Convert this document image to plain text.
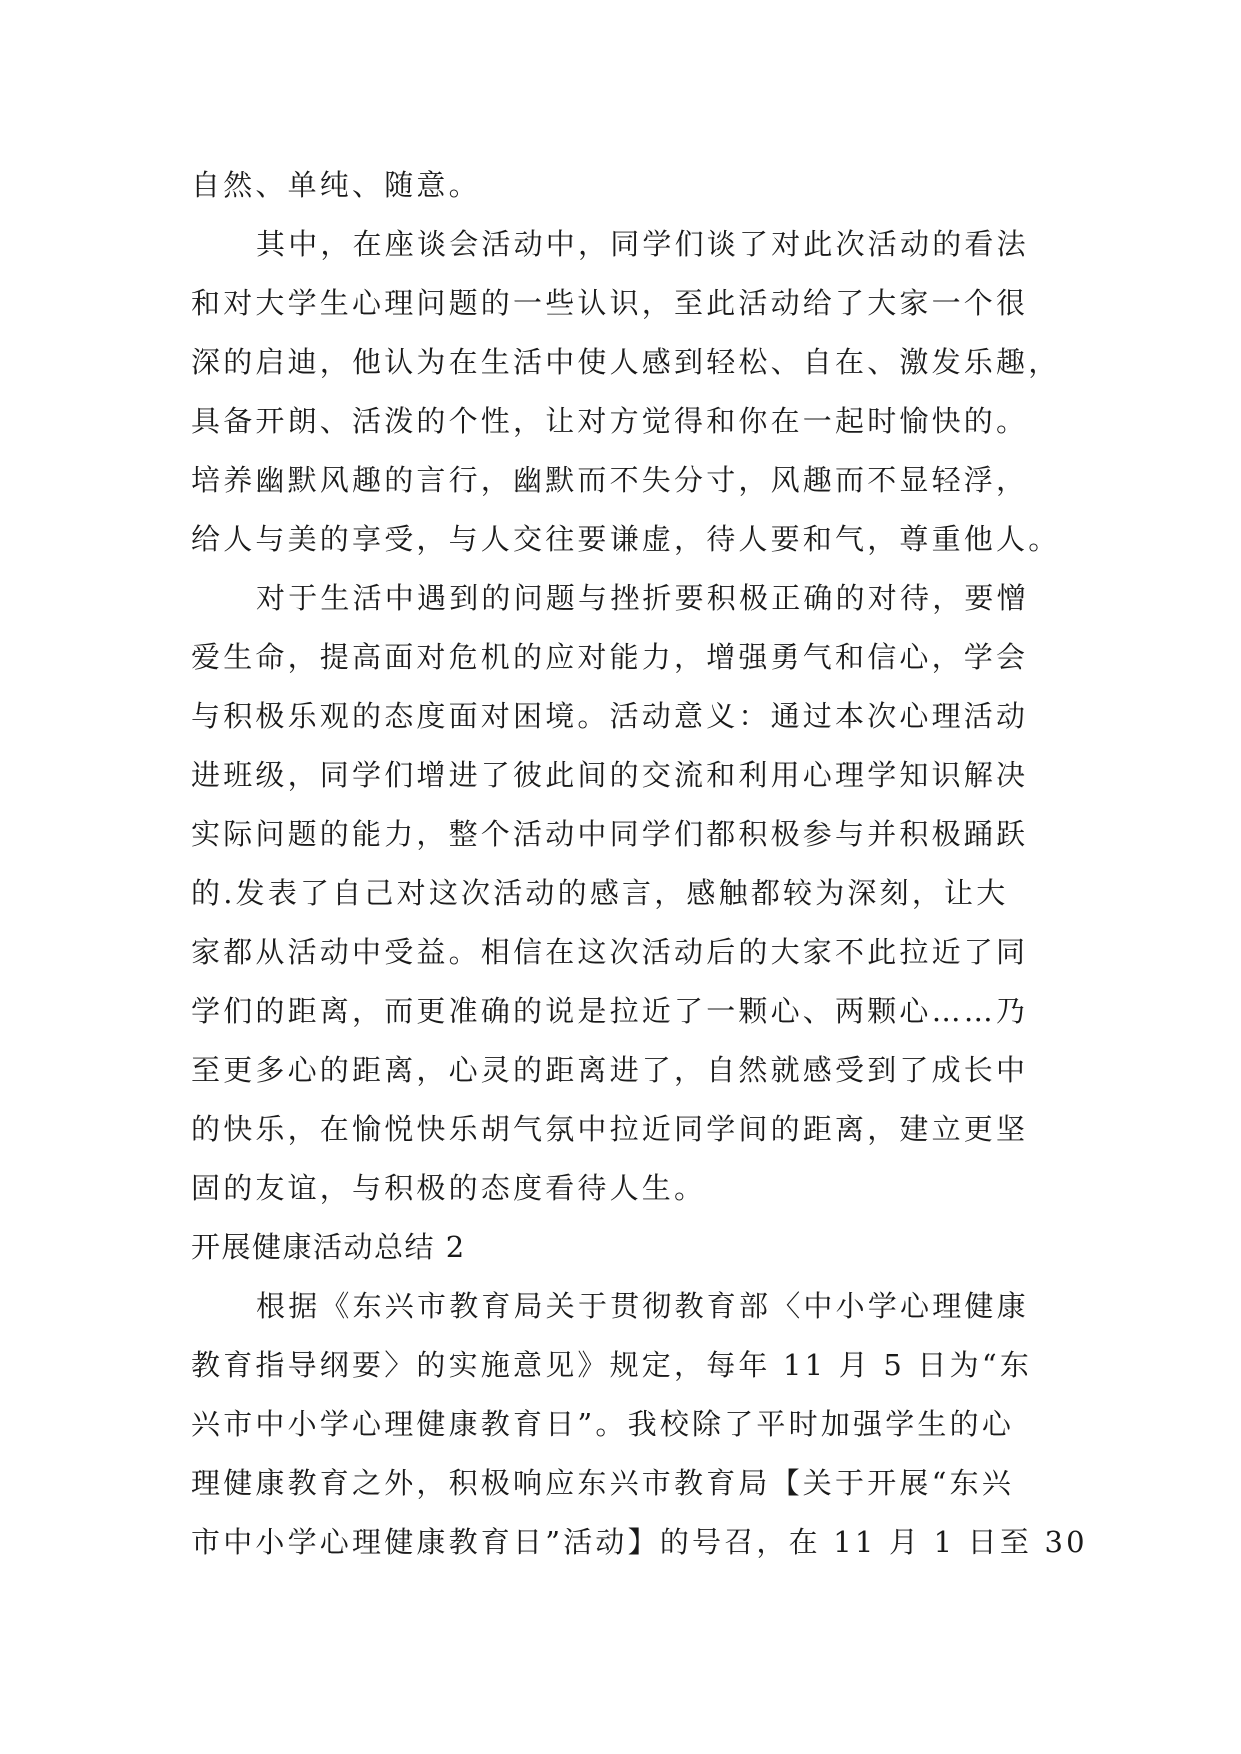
自然、单纯、随意。
其中，在座谈会活动中，同学们谈了对此次活动的看法
和对大学生心理问题的一些认识，至此活动给了大家一个很
深的启迪，他认为在生活中使人感到轻松、自在、激发乐趣，
具备开朗、活泼的个性，让对方觉得和你在一起时愉快的。
培养幽默风趣的言行，幽默而不失分寸，风趣而不显轻浮，
给人与美的享受，与人交往要谦虚，待人要和气，尊重他人。
对于生活中遇到的问题与挫折要积极正确的对待，要憎
爱生命，提高面对危机的应对能力，增强勇气和信心，学会
与积极乐观的态度面对困境。活动意义：通过本次心理活动
进班级，同学们增进了彼此间的交流和利用心理学知识解决
实际问题的能力，整个活动中同学们都积极参与并积极踊跃
的.发表了自己对这次活动的感言，感触都较为深刻，让大
家都从活动中受益。相信在这次活动后的大家不此拉近了同
学们的距离，而更准确的说是拉近了一颗心、两颗心……乃
至更多心的距离，心灵的距离进了，自然就感受到了成长中
的快乐，在愉悦快乐胡气氛中拉近同学间的距离，建立更坚
固的友谊，与积极的态度看待人生。
开展健康活动总结 2
根据《东兴市教育局关于贯彻教育部〈中小学心理健康
教育指导纲要〉的实施意见》规定，每年 11 月 5 日为“东
兴市中小学心理健康教育日”。我校除了平时加强学生的心
理健康教育之外，积极响应东兴市教育局【关于开展“东兴
市中小学心理健康教育日”活动】的号召，在 11 月 1 日至 30
